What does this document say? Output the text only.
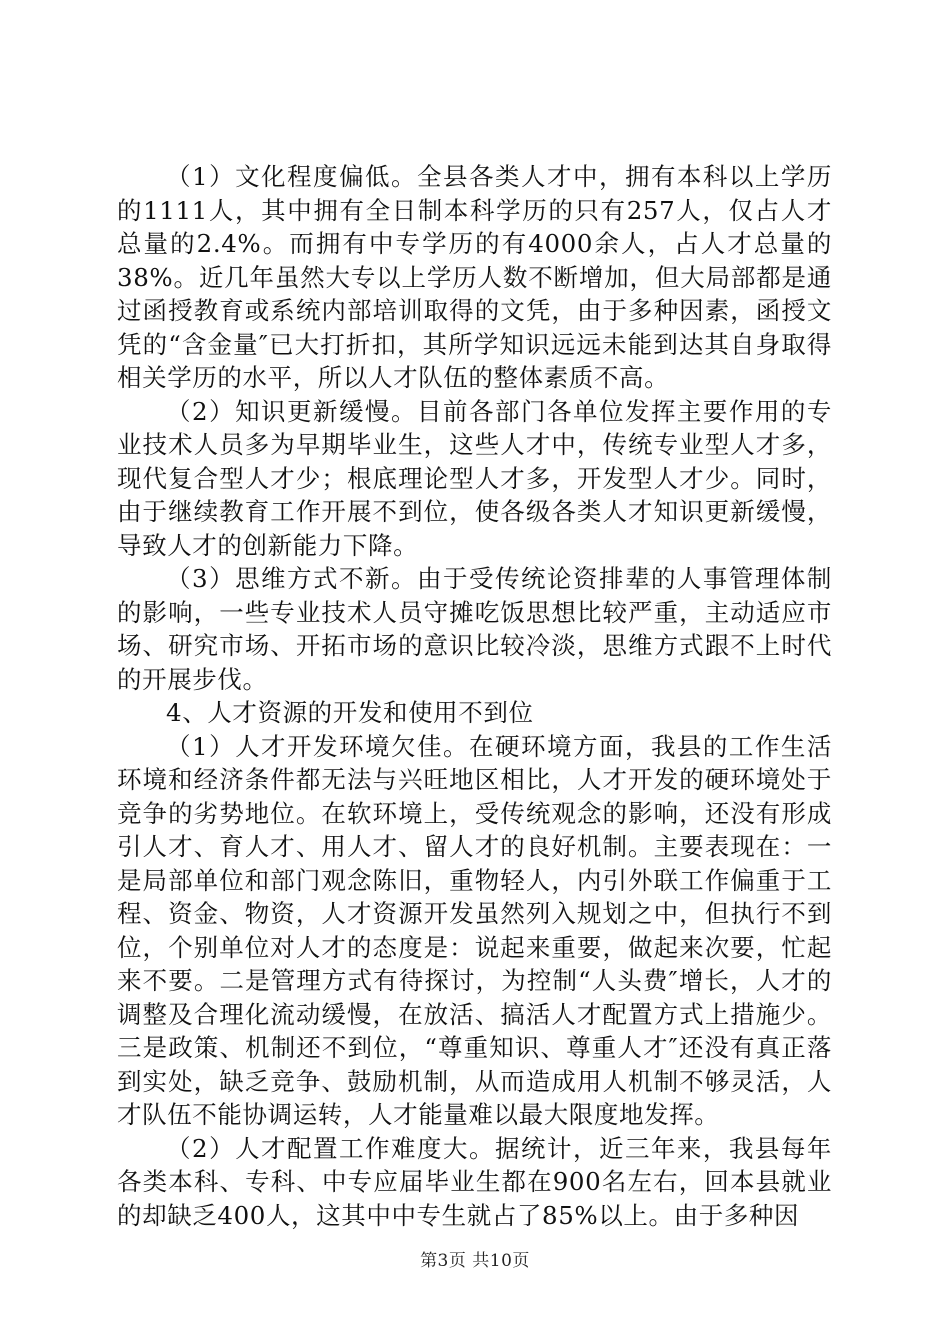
（1）文化程度偏低。全县各类人才中，拥有本科以上学历的1111人，其中拥有全日制本科学历的只有257人，仅占人才总量的2.4%。而拥有中专学历的有4000余人，占人才总量的38%。近几年虽然大专以上学历人数不断增加，但大局部都是通过函授教育或系统内部培训取得的文凭，由于多种因素，函授文凭的“含金量″已大打折扣，其所学知识远远未能到达其自身取得相关学历的水平，所以人才队伍的整体素质不高。

（2）知识更新缓慢。目前各部门各单位发挥主要作用的专业技术人员多为早期毕业生，这些人才中，传统专业型人才多，现代复合型人才少；根底理论型人才多，开发型人才少。同时，由于继续教育工作开展不到位，使各级各类人才知识更新缓慢，导致人才的创新能力下降。

（3）思维方式不新。由于受传统论资排辈的人事管理体制的影响，一些专业技术人员守摊吃饭思想比较严重，主动适应市场、研究市场、开拓市场的意识比较冷淡，思维方式跟不上时代的开展步伐。

4、人才资源的开发和使用不到位

（1）人才开发环境欠佳。在硬环境方面，我县的工作生活环境和经济条件都无法与兴旺地区相比，人才开发的硬环境处于竞争的劣势地位。在软环境上，受传统观念的影响，还没有形成引人才、育人才、用人才、留人才的良好机制。主要表现在：一是局部单位和部门观念陈旧，重物轻人，内引外联工作偏重于工程、资金、物资，人才资源开发虽然列入规划之中，但执行不到位，个别单位对人才的态度是：说起来重要，做起来次要，忙起来不要。二是管理方式有待探讨，为控制“人头费″增长，人才的调整及合理化流动缓慢，在放活、搞活人才配置方式上措施少。三是政策、机制还不到位，“尊重知识、尊重人才″还没有真正落到实处，缺乏竞争、鼓励机制，从而造成用人机制不够灵活，人才队伍不能协调运转，人才能量难以最大限度地发挥。

（2）人才配置工作难度大。据统计，近三年来，我县每年各类本科、专科、中专应届毕业生都在900名左右，回本县就业的却缺乏400人，这其中中专生就占了85%以上。由于多种因

第3页 共10页
